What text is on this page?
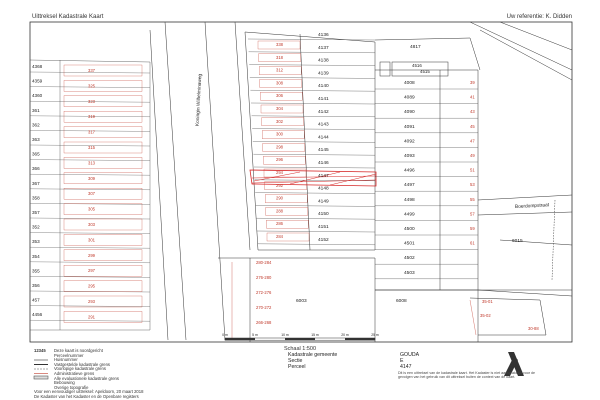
0 m	5 m	10 m	15 m	20 m	25 m
Schaal 1:500
4368
4359
4360
361
362
363
365
366
367
358
357
352
353
354
355
356
457
4456
337
325
323
319
317
315
313
309
307
305
303
301
299
297
295
293
291
Koningin Wilhelminaweg
Boerdompstraat
4136
4137
4138
4139
4140
4141
4142
4143
4144
4145
4146
4147
4148
4149
4150
4151
4152
338
318
312
308
306
304
302
300
298
296
294
292
290
288
286
284
4008
4089
4090
4091
4092
4093
4496
4497
4498
4499
4500
4501
4502
4503
39
41
43
45
47
49
51
53
55
57
59
61
4817
4516
4515
6003	6008
6015
280-284
276-280
272-276
270-272
266-268
35-01
35-02
30-88
Uittreksel Kadastrale Kaart	Uw referentie: K. Didden
12345 Deze kaart is noordgericht
Perceelnummer
Huisnummer
Vastgestelde kadastrale grens
Voorlopige kadastrale grens
Administratieve grens
Alle evaluationele kadastrale grens
Bebouwing
Overige topografie
Voor een eenvoudiger uittreksel: Apeldoorn, 20 maart 2018
De Kadaster van het Kadaster en de Openbare registers
Kadastrale gemeente	GOUDA
Sectie	E
Perceel	4147
Dit is een uittreksel van de kadastrale kaart. Het Kadaster is niet aansprakelijk voor de gevolgen van het gebruik van dit uittreksel buiten de context van de kaart.
